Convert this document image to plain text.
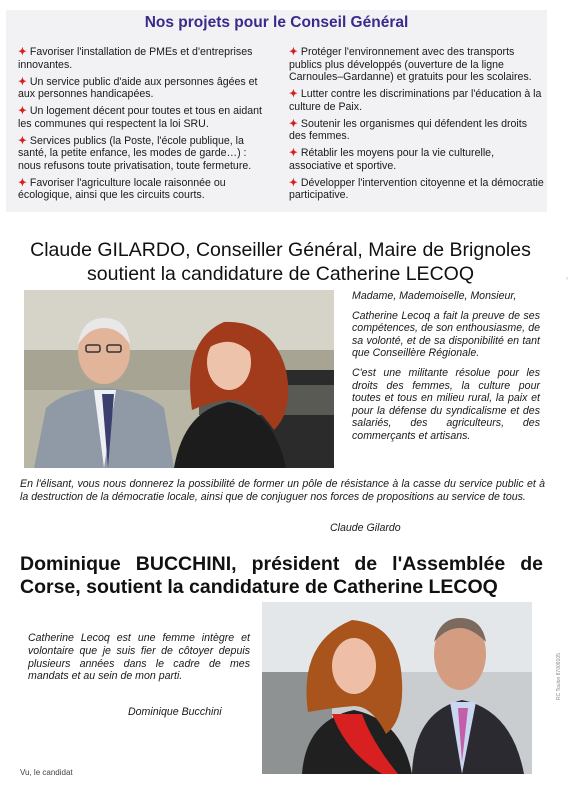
Nos projets pour le Conseil Général
✦ Favoriser l'installation de PMEs et d'entreprises innovantes.
✦ Un service public d'aide aux personnes âgées et aux personnes handicapées.
✦ Un logement décent pour toutes et tous en aidant les communes qui respectent la loi SRU.
✦ Services publics (la Poste, l'école publique, la santé, la petite enfance, les modes de garde…) : nous refusons toute privatisation, toute fermeture.
✦ Favoriser l'agriculture locale raisonnée ou écologique, ainsi que les circuits courts.
✦ Protéger l'environnement avec des transports publics plus développés (ouverture de la ligne Carnoules–Gardanne) et gratuits pour les scolaires.
✦ Lutter contre les discriminations par l'éducation à la culture de Paix.
✦ Soutenir les organismes qui défendent les droits des femmes.
✦ Rétablir les moyens pour la vie culturelle, associative et sportive.
✦ Développer l'intervention citoyenne et la démocratie participative.
›
Claude GILARDO, Conseiller Général, Maire de Brignoles
soutient la candidature de Catherine LECOQ

Madame, Mademoiselle, Monsieur,

Catherine Lecoq a fait la preuve de ses compétences, de son enthousiasme, de sa volonté, et de sa disponibilité en tant que Conseillère Régionale.

C'est une militante résolue pour les droits des femmes, la culture pour toutes et tous en milieu rural, la paix et pour la défense du syndicalisme et des salariés, des agriculteurs, des commerçants et artisans.

En l'élisant, vous nous donnerez la possibilité de former un pôle de résistance à la casse du service public et à la destruction de la démocratie locale, ainsi que de conjuguer nos forces de propositions au service de tous.
Claude Gilardo
Dominique BUCCHINI, président de l'Assemblée de Corse, soutient la candidature de Catherine LECOQ
Catherine Lecoq est une femme intègre et volontaire que je suis fier de côtoyer depuis plusieurs années dans le cadre de mes mandats et au sein de mon parti.
Dominique Bucchini
Vu, le candidat
RC Toulon 87009105
